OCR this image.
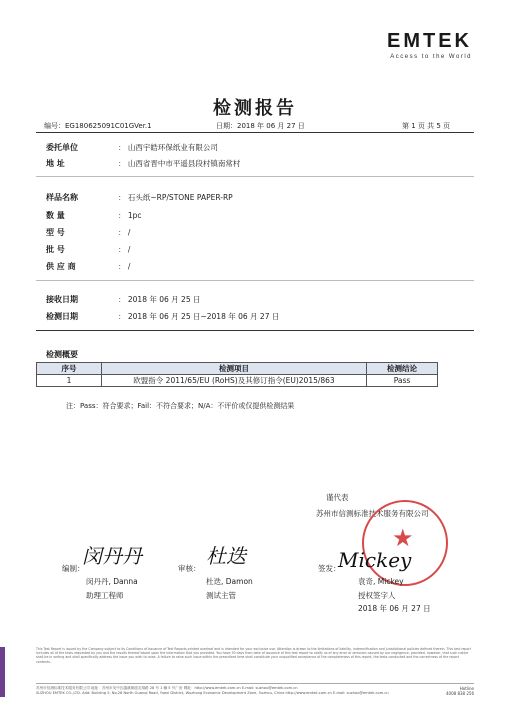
EMTEK
Access to the World
检测报告
编号：EG180625091C01GVer.1	日期：2018 年 06 月 27 日	第 1 页 共 5 页
委托单位	： 山西宇皓环保纸业有限公司
地 址	： 山西省晋中市平遥县段村镇南常村
样品名称	： 石头纸~RP/STONE PAPER-RP
数 量	： 1pc
型 号	： /
批 号	： /
供 应 商	： /
接收日期	： 2018 年 06 月 25 日
检测日期	： 2018 年 06 月 25 日~2018 年 06 月 27 日
检测概要
序号	检测项目	检测结论
1	欧盟指令 2011/65/EU (RoHS)及其修订指令(EU)2015/863	Pass
注：Pass：符合要求；Fail：不符合要求；N/A：不评价或仅提供检测结果
谨代表
苏州市信测标准技术服务有限公司
★
闵丹丹	杜迭	Mickey
编制：	审核：	签发：
闵丹丹, Danna	杜迭, Damon	袁奇, Mickey
助理工程师	测试主管	授权签字人
2018 年 06 月 27 日
This Test Report is issued by the Company subject to its Conditions of Issuance of Test Reports printed overleaf and is intended for your exclusive use. Attention is drawn to the limitations of liability, indemnification and jurisdictional policies defined therein. This test report includes all of the tests requested by you and the results thereof based upon the information that you provided. You have 30 days from date of issuance of this test report to notify us of any error or omission caused by our negligence, provided, however, that such notice shall be in writing and shall specifically address the issue you wish to raise. A failure to raise such issue within the prescribed time shall constitute your unqualified acceptance of the completeness of this report, the tests conducted and the correctness of the report contents.
苏州市信测标准技术服务有限公司 地址：苏州市吴中区越溪街道友翔路 28 号 1 幢 5 号厂房 网址：http://www.emtek.com.cn E-mail: suzhou@emtek.com.cn
SUZHOU EMTEK CO.,LTD. Add: Building 5, No.28 North Guanqi Road, Yuexi District, Wuzhong Economic Development Zone, Suzhou, China http://www.emtek.com.cn E-mail: suzhou@emtek.com.cn
Hotline
4008 838 256
